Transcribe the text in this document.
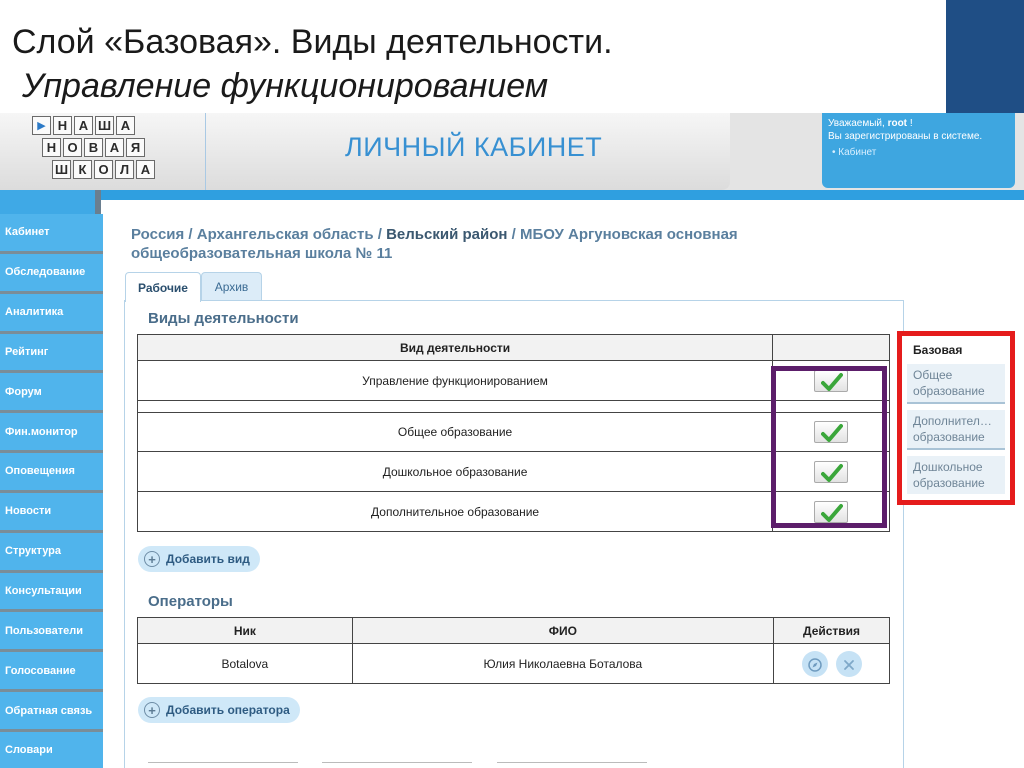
Слой «Базовая». Виды деятельности.
Управление функционированием
▶ Н А Ш А
Н О В А Я
Ш К О Л А
ЛИЧНЫЙ КАБИНЕТ
Уважаемый, root !
Вы зарегистрированы в системе.
• Кабинет
Кабинет
Обследование
Аналитика
Рейтинг
Форум
Фин.монитор
Оповещения
Новости
Структура
Консультации
Пользователи
Голосование
Обратная связь
Словари
Россия / Архангельская область / Вельский район / МБОУ Аргуновская основная общеобразовательная школа № 11
Рабочие	Архив
Виды деятельности
Вид деятельности	
Управление функционированием	

Общее образование	

Дошкольное образование	

Дополнительное образование	
+ Добавить вид
Операторы
Ник	ФИО	Действия
Botalova	Юлия Николаевна Боталова	
+ Добавить оператора
Базовая
Общее
образование
Дополнител…
образование
Дошкольное
образование
